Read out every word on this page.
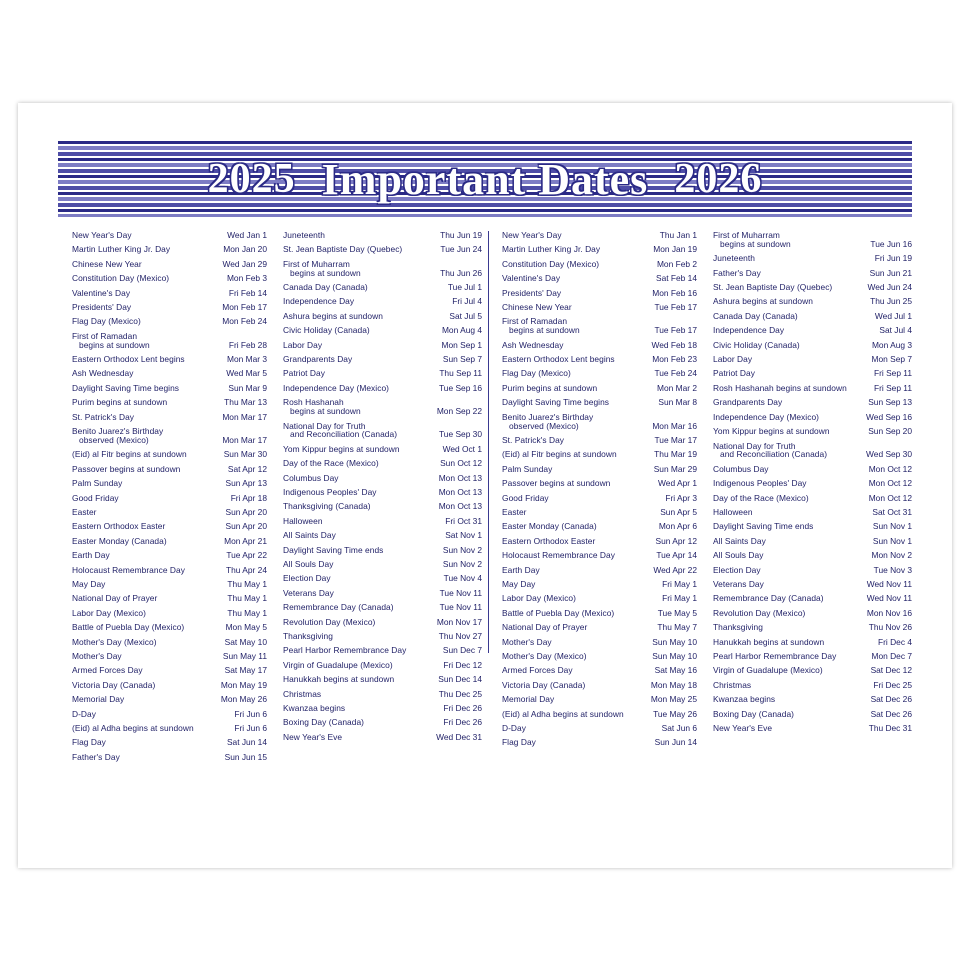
2025 Important Dates 2026
New Year's Day	Wed Jan 1
Martin Luther King Jr. Day	Mon Jan 20
Chinese New Year	Wed Jan 29
Constitution Day (Mexico)	Mon Feb 3
Valentine's Day	Fri Feb 14
Presidents' Day	Mon Feb 17
Flag Day (Mexico)	Mon Feb 24
First of Ramadan
begins at sundown	Fri Feb 28
Eastern Orthodox Lent begins	Mon Mar 3
Ash Wednesday	Wed Mar 5
Daylight Saving Time begins	Sun Mar 9
Purim begins at sundown	Thu Mar 13
St. Patrick's Day	Mon Mar 17
Benito Juarez's Birthday
observed (Mexico)	Mon Mar 17
(Eid) al Fitr begins at sundown	Sun Mar 30
Passover begins at sundown	Sat Apr 12
Palm Sunday	Sun Apr 13
Good Friday	Fri Apr 18
Easter	Sun Apr 20
Eastern Orthodox Easter	Sun Apr 20
Easter Monday (Canada)	Mon Apr 21
Earth Day	Tue Apr 22
Holocaust Remembrance Day	Thu Apr 24
May Day	Thu May 1
National Day of Prayer	Thu May 1
Labor Day (Mexico)	Thu May 1
Battle of Puebla Day (Mexico)	Mon May 5
Mother's Day (Mexico)	Sat May 10
Mother's Day	Sun May 11
Armed Forces Day	Sat May 17
Victoria Day (Canada)	Mon May 19
Memorial Day	Mon May 26
D-Day	Fri Jun 6
(Eid) al Adha begins at sundown	Fri Jun 6
Flag Day	Sat Jun 14
Father's Day	Sun Jun 15
Juneteenth	Thu Jun 19
St. Jean Baptiste Day (Quebec)	Tue Jun 24
First of Muharram
begins at sundown	Thu Jun 26
Canada Day (Canada)	Tue Jul 1
Independence Day	Fri Jul 4
Ashura begins at sundown	Sat Jul 5
Civic Holiday (Canada)	Mon Aug 4
Labor Day	Mon Sep 1
Grandparents Day	Sun Sep 7
Patriot Day	Thu Sep 11
Independence Day (Mexico)	Tue Sep 16
Rosh Hashanah
begins at sundown	Mon Sep 22
National Day for Truth
and Reconciliation (Canada)	Tue Sep 30
Yom Kippur begins at sundown	Wed Oct 1
Day of the Race (Mexico)	Sun Oct 12
Columbus Day	Mon Oct 13
Indigenous Peoples' Day	Mon Oct 13
Thanksgiving (Canada)	Mon Oct 13
Halloween	Fri Oct 31
All Saints Day	Sat Nov 1
Daylight Saving Time ends	Sun Nov 2
All Souls Day	Sun Nov 2
Election Day	Tue Nov 4
Veterans Day	Tue Nov 11
Remembrance Day (Canada)	Tue Nov 11
Revolution Day (Mexico)	Mon Nov 17
Thanksgiving	Thu Nov 27
Pearl Harbor Remembrance Day	Sun Dec 7
Virgin of Guadalupe (Mexico)	Fri Dec 12
Hanukkah begins at sundown	Sun Dec 14
Christmas	Thu Dec 25
Kwanzaa begins	Fri Dec 26
Boxing Day (Canada)	Fri Dec 26
New Year's Eve	Wed Dec 31
New Year's Day	Thu Jan 1
Martin Luther King Jr. Day	Mon Jan 19
Constitution Day (Mexico)	Mon Feb 2
Valentine's Day	Sat Feb 14
Presidents' Day	Mon Feb 16
Chinese New Year	Tue Feb 17
First of Ramadan
begins at sundown	Tue Feb 17
Ash Wednesday	Wed Feb 18
Eastern Orthodox Lent begins	Mon Feb 23
Flag Day (Mexico)	Tue Feb 24
Purim begins at sundown	Mon Mar 2
Daylight Saving Time begins	Sun Mar 8
Benito Juarez's Birthday
observed (Mexico)	Mon Mar 16
St. Patrick's Day	Tue Mar 17
(Eid) al Fitr begins at sundown	Thu Mar 19
Palm Sunday	Sun Mar 29
Passover begins at sundown	Wed Apr 1
Good Friday	Fri Apr 3
Easter	Sun Apr 5
Easter Monday (Canada)	Mon Apr 6
Eastern Orthodox Easter	Sun Apr 12
Holocaust Remembrance Day	Tue Apr 14
Earth Day	Wed Apr 22
May Day	Fri May 1
Labor Day (Mexico)	Fri May 1
Battle of Puebla Day (Mexico)	Tue May 5
National Day of Prayer	Thu May 7
Mother's Day	Sun May 10
Mother's Day (Mexico)	Sun May 10
Armed Forces Day	Sat May 16
Victoria Day (Canada)	Mon May 18
Memorial Day	Mon May 25
(Eid) al Adha begins at sundown	Tue May 26
D-Day	Sat Jun 6
Flag Day	Sun Jun 14
First of Muharram
begins at sundown	Tue Jun 16
Juneteenth	Fri Jun 19
Father's Day	Sun Jun 21
St. Jean Baptiste Day (Quebec)	Wed Jun 24
Ashura begins at sundown	Thu Jun 25
Canada Day (Canada)	Wed Jul 1
Independence Day	Sat Jul 4
Civic Holiday (Canada)	Mon Aug 3
Labor Day	Mon Sep 7
Patriot Day	Fri Sep 11
Rosh Hashanah begins at sundown	Fri Sep 11
Grandparents Day	Sun Sep 13
Independence Day (Mexico)	Wed Sep 16
Yom Kippur begins at sundown	Sun Sep 20
National Day for Truth
and Reconciliation (Canada)	Wed Sep 30
Columbus Day	Mon Oct 12
Indigenous Peoples' Day	Mon Oct 12
Day of the Race (Mexico)	Mon Oct 12
Halloween	Sat Oct 31
Daylight Saving Time ends	Sun Nov 1
All Saints Day	Sun Nov 1
All Souls Day	Mon Nov 2
Election Day	Tue Nov 3
Veterans Day	Wed Nov 11
Remembrance Day (Canada)	Wed Nov 11
Revolution Day (Mexico)	Mon Nov 16
Thanksgiving	Thu Nov 26
Hanukkah begins at sundown	Fri Dec 4
Pearl Harbor Remembrance Day	Mon Dec 7
Virgin of Guadalupe (Mexico)	Sat Dec 12
Christmas	Fri Dec 25
Kwanzaa begins	Sat Dec 26
Boxing Day (Canada)	Sat Dec 26
New Year's Eve	Thu Dec 31
